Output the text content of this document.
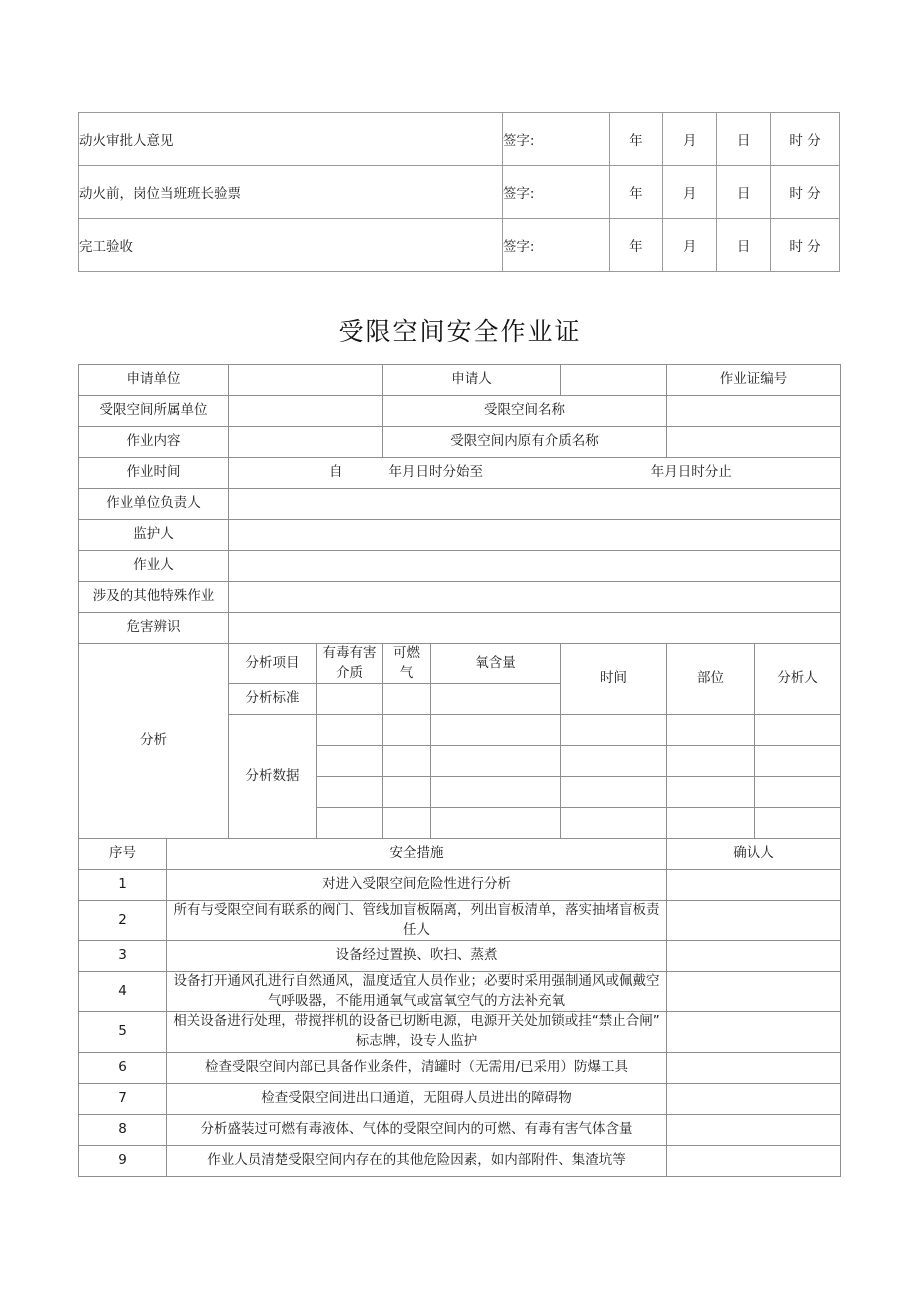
动火审批人意见	签字:	年	月	日	时 分
动火前，岗位当班班长验票	签字:	年	月	日	时 分
完工验收	签字:	年	月	日	时 分
受限空间安全作业证
申请单位				申请人			作业证编号	
受限空间所属单位				受限空间名称				
作业内容				受限空间内原有介质名称				
作业时间		自 年月日时分始至 年月日时分止						

作业单位负责人								
监护人								
作业人								
涉及的其他特殊作业								
危害辨识								
分析		分析项目	有毒有害介质	可燃气	氧含量	时间	部位	分析人
		分析标准						
		分析数据						

序号	安全措施						确认人	
1	对进入受限空间危险性进行分析							
2	所有与受限空间有联系的阀门、管线加盲板隔离，列出盲板清单，落实抽堵盲板责任人							
3	设备经过置换、吹扫、蒸煮							
4	设备打开通风孔进行自然通风，温度适宜人员作业；必要时采用强制通风或佩戴空气呼吸器，不能用通氧气或富氧空气的方法补充氧							
5	相关设备进行处理，带搅拌机的设备已切断电源，电源开关处加锁或挂“禁止合闸”标志牌，设专人监护							
6	检查受限空间内部已具备作业条件，清罐时（无需用/已采用）防爆工具							
7	检查受限空间进出口通道，无阻碍人员进出的障碍物							
8	分析盛装过可燃有毒液体、气体的受限空间内的可燃、有毒有害气体含量							
9	作业人员清楚受限空间内存在的其他危险因素，如内部附件、集渣坑等							
